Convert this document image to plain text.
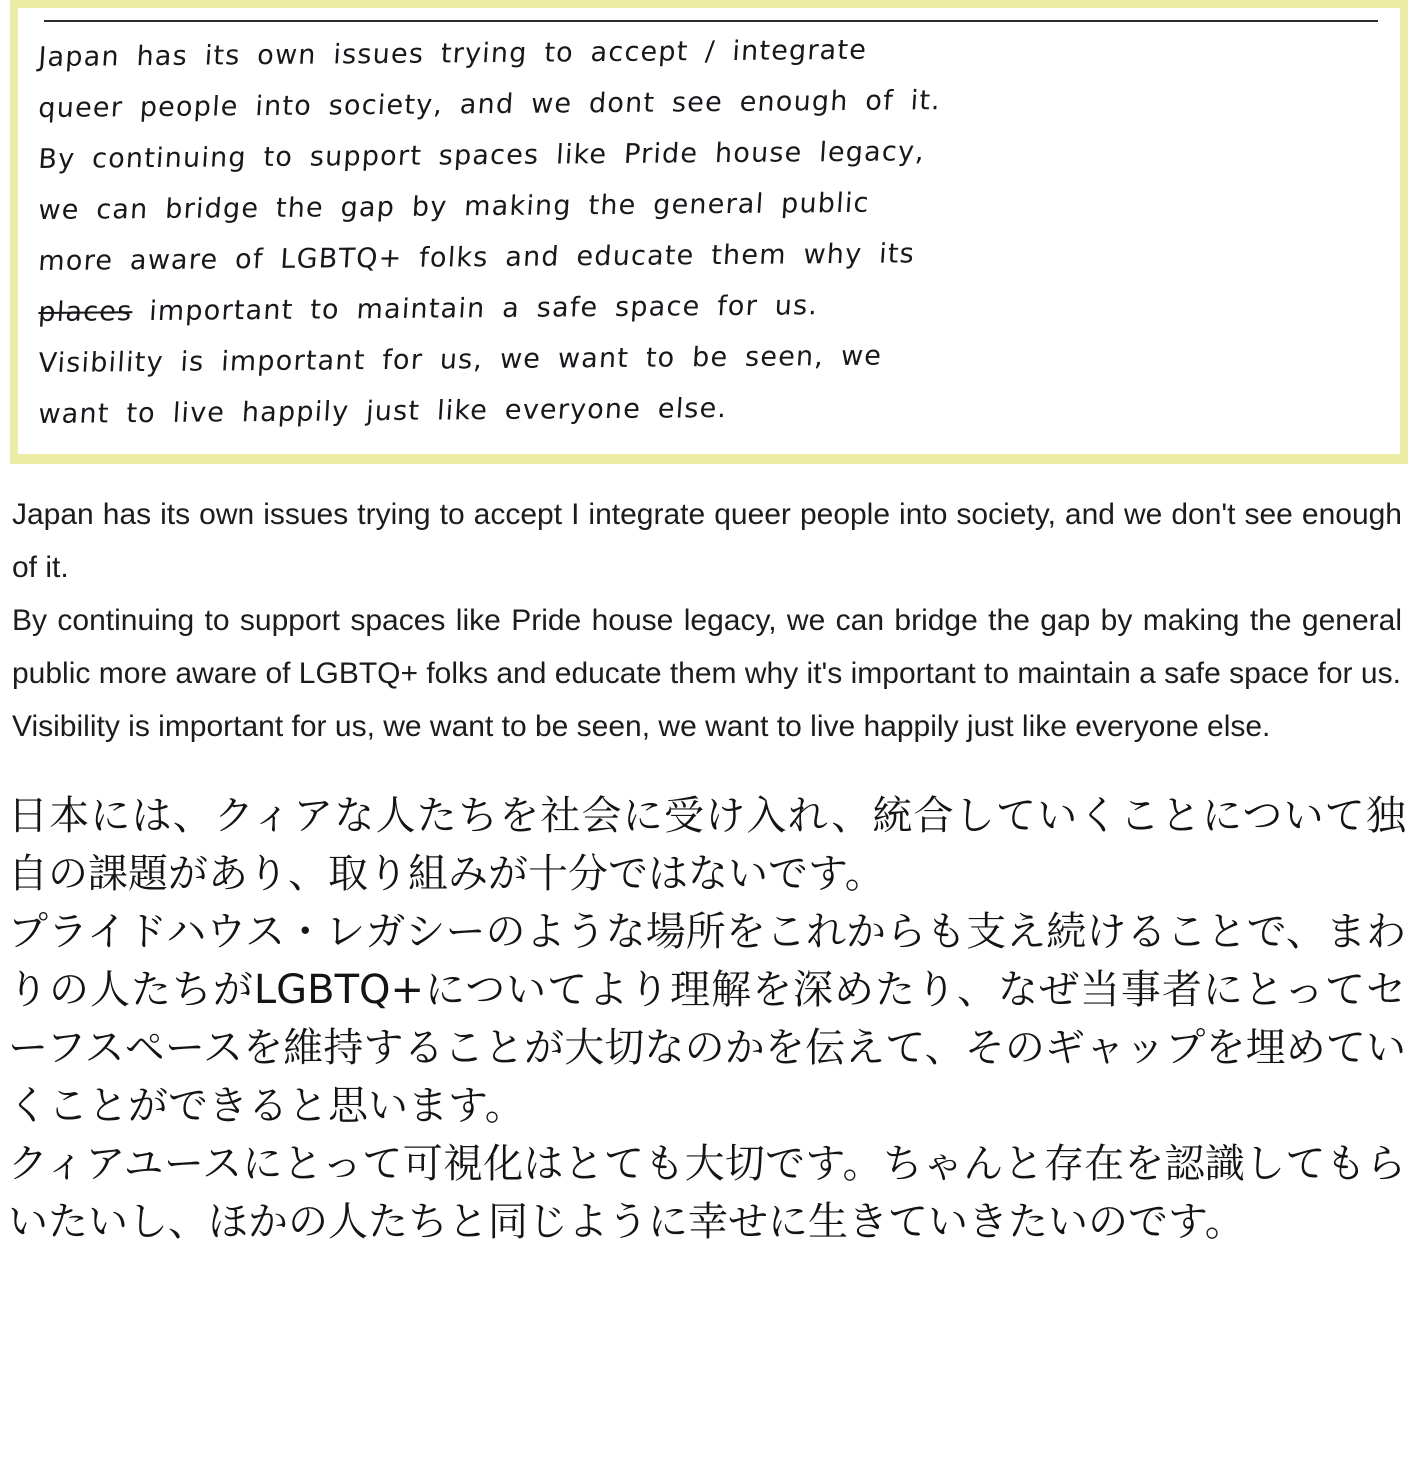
Japan has its own issues trying to accept / integrate
queer people into society, and we dont see enough of it.
By continuing to support spaces like Pride house legacy,
we can bridge the gap by making the general public
more aware of LGBTQ+ folks and educate them why its
places important to maintain a safe space for us.
Visibility is important for us, we want to be seen, we
want to live happily just like everyone else.

Japan has its own issues trying to accept I integrate queer people into society, and we don't see enough of it.

By continuing to support spaces like Pride house legacy, we can bridge the gap by making the general public more aware of LGBTQ+ folks and educate them why it's important to maintain a safe space for us.

Visibility is important for us, we want to be seen, we want to live happily just like everyone else.

日本には、クィアな人たちを社会に受け入れ、統合していくことについて独自の課題があり、取り組みが十分ではないです。

プライドハウス・レガシーのような場所をこれからも支え続けることで、まわりの人たちがLGBTQ+についてより理解を深めたり、なぜ当事者にとってセーフスペースを維持することが大切なのかを伝えて、そのギャップを埋めていくことができると思います。

クィアユースにとって可視化はとても大切です。ちゃんと存在を認識してもらいたいし、ほかの人たちと同じように幸せに生きていきたいのです。
